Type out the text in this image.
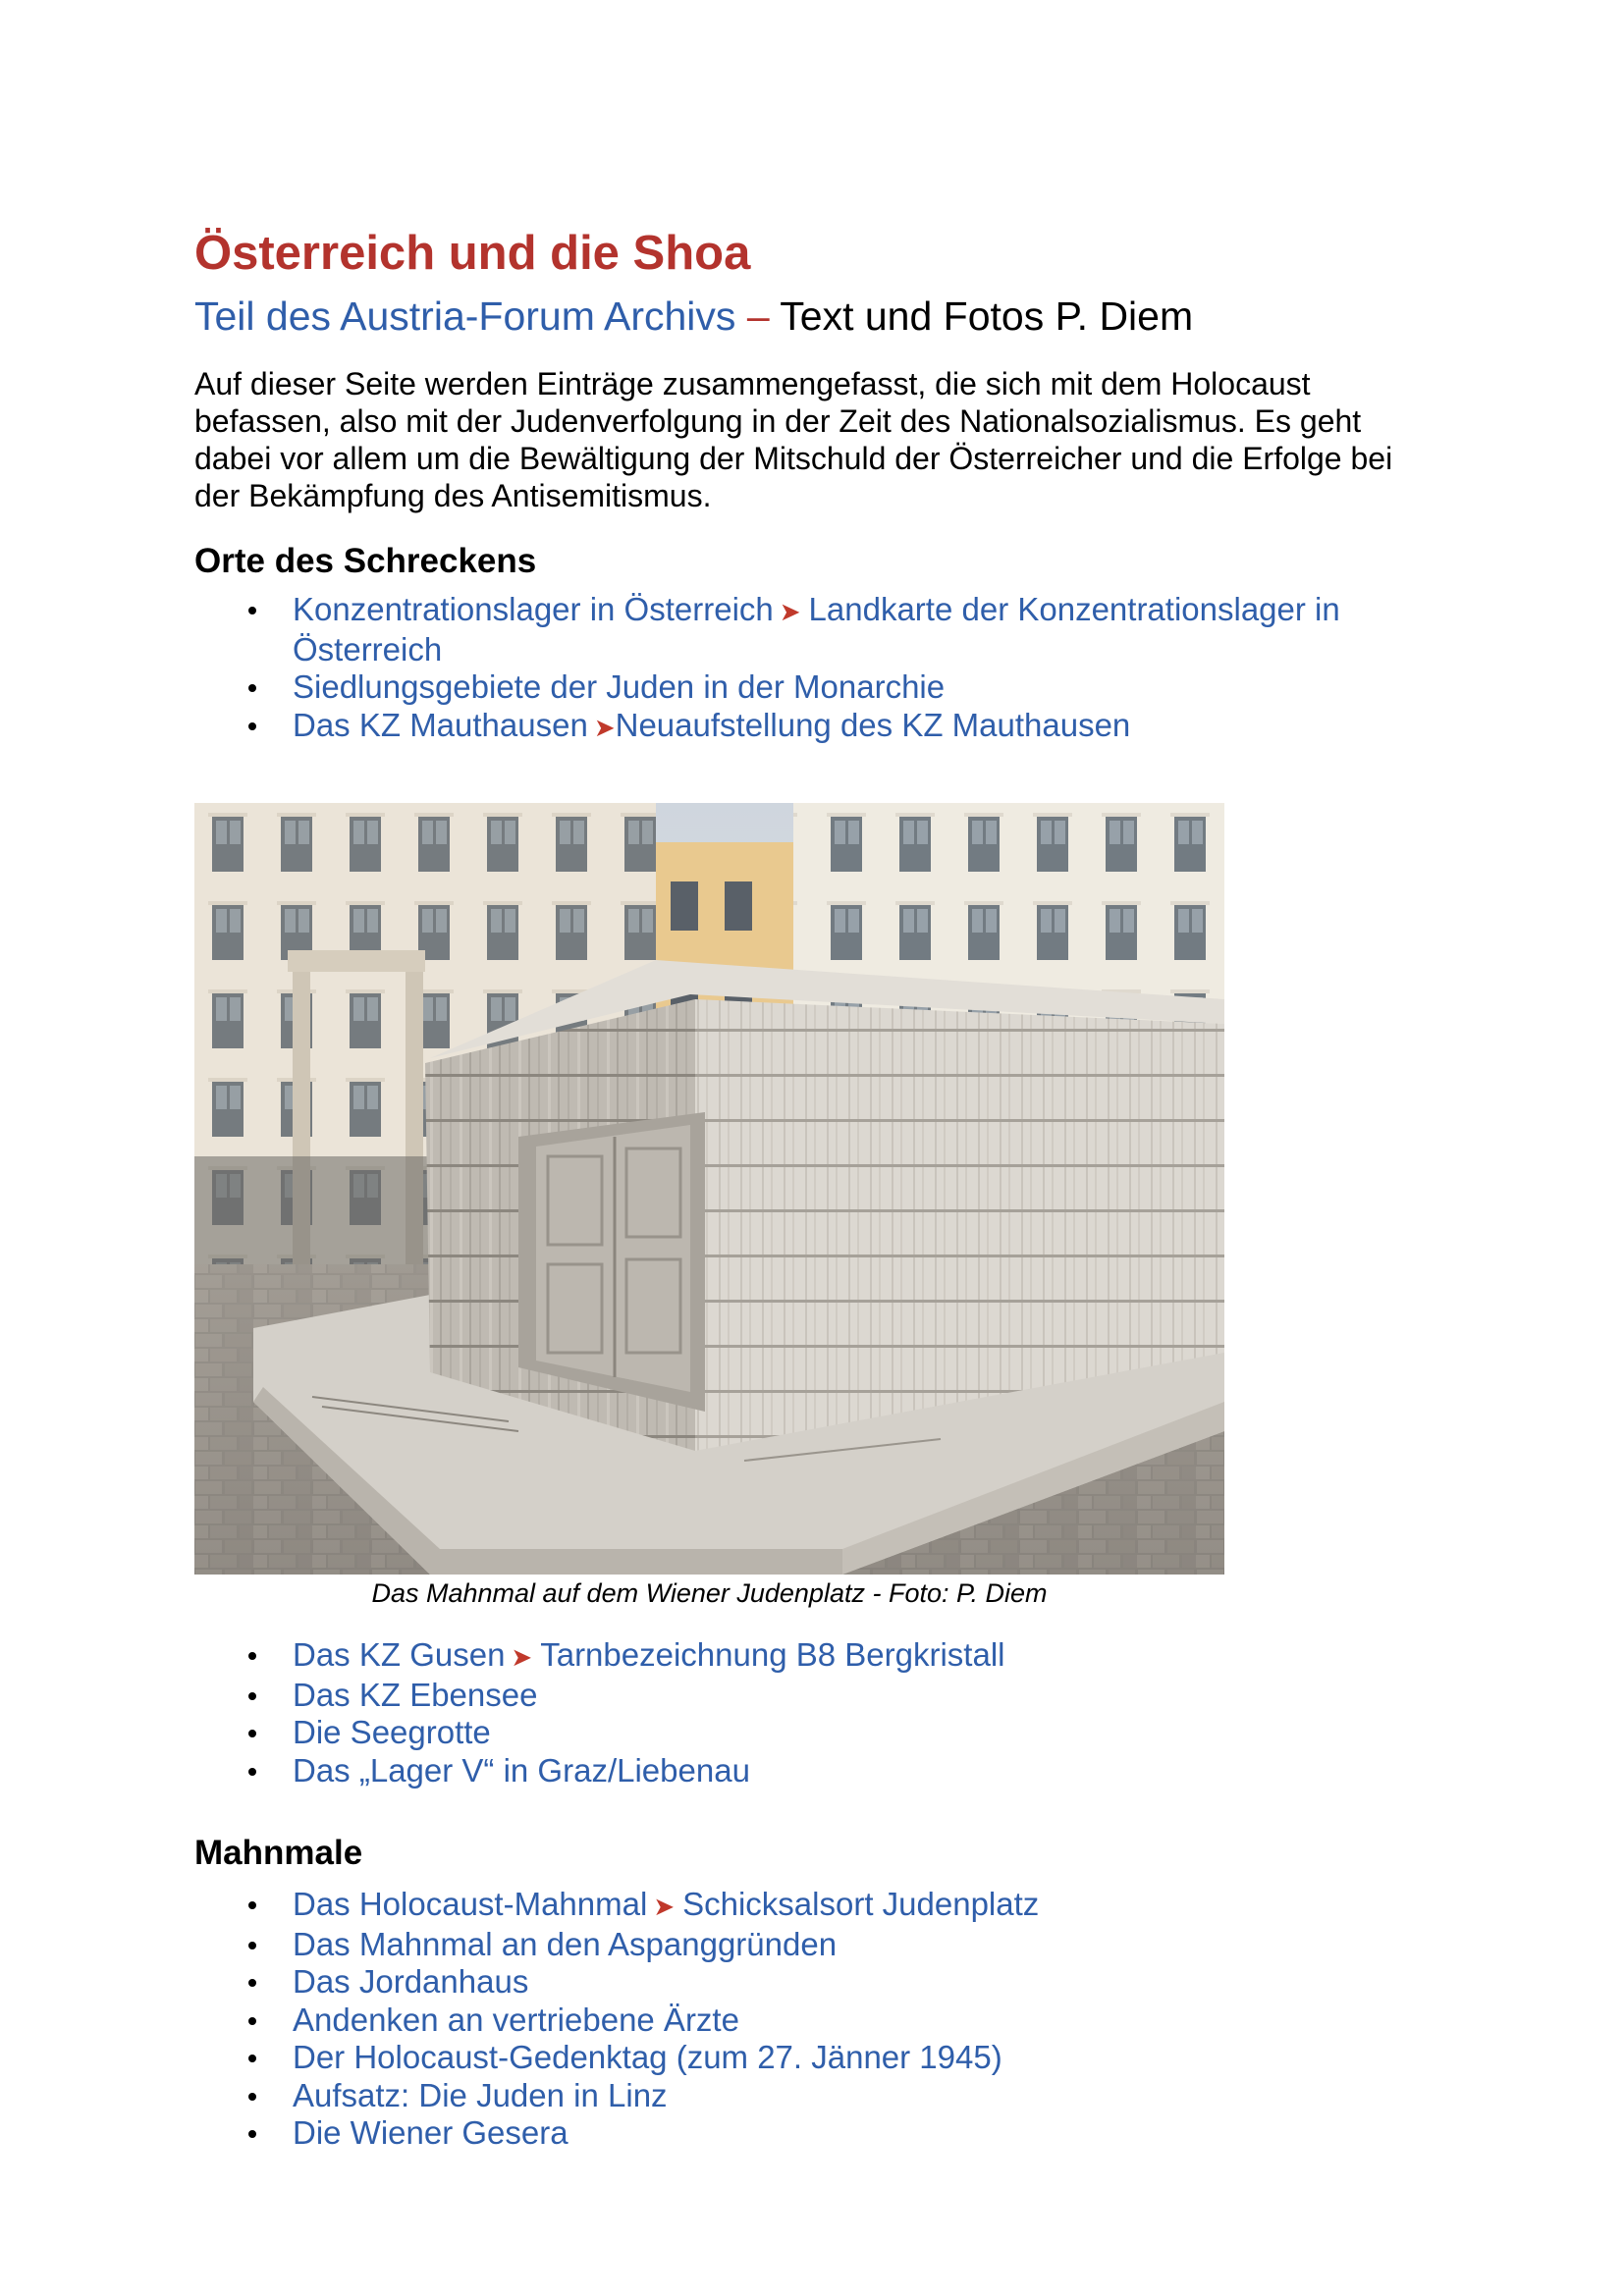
Österreich und die Shoa

Teil des Austria-Forum Archivs – Text und Fotos P. Diem

Auf dieser Seite werden Einträge zusammengefasst, die sich mit dem Holocaust befassen, also mit der Judenverfolgung in der Zeit des Nationalsozialismus. Es geht dabei vor allem um die Bewältigung der Mitschuld der Österreicher und die Erfolge bei der Bekämpfung des Antisemitismus.

Orte des Schreckens
Konzentrationslager in Österreich ➤ Landkarte der Konzentrationslager in
Österreich
Siedlungsgebiete der Juden in der Monarchie
Das KZ Mauthausen ➤Neuaufstellung des KZ Mauthausen
Das Mahnmal auf dem Wiener Judenplatz - Foto: P. Diem
Das KZ Gusen ➤ Tarnbezeichnung B8 Bergkristall
Das KZ Ebensee
Die Seegrotte
Das „Lager V“ in Graz/Liebenau
Mahnmale
Das Holocaust-Mahnmal ➤ Schicksalsort Judenplatz
Das Mahnmal an den Aspanggründen
Das Jordanhaus
Andenken an vertriebene Ärzte
Der Holocaust-Gedenktag (zum 27. Jänner 1945)
Aufsatz: Die Juden in Linz
Die Wiener Gesera
